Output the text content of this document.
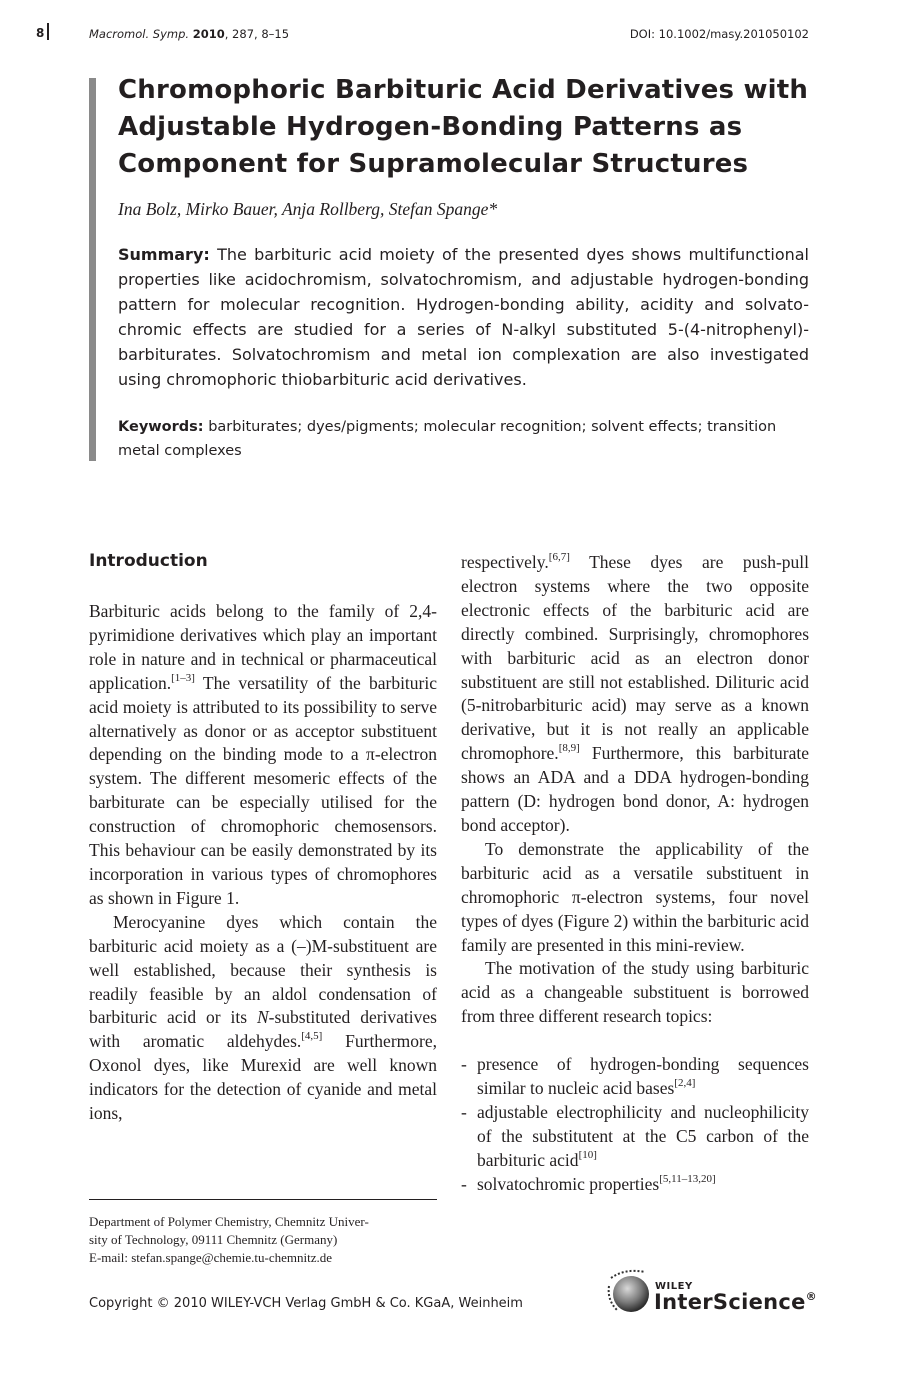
8	Macromol. Symp. 2010, 287, 8–15	DOI: 10.1002/masy.201050102
Chromophoric Barbituric Acid Derivatives with Adjustable Hydrogen-Bonding Patterns as Component for Supramolecular Structures
Ina Bolz, Mirko Bauer, Anja Rollberg, Stefan Spange*

Summary: The barbituric acid moiety of the presented dyes shows multifunctional properties like acidochromism, solvatochromism, and adjustable hydrogen-bonding pattern for molecular recognition. Hydrogen-bonding ability, acidity and solvato-chromic effects are studied for a series of N-alkyl substituted 5-(4-nitrophenyl)-barbiturates. Solvatochromism and metal ion complexation are also investigated using chromophoric thiobarbituric acid derivatives.

Keywords: barbiturates; dyes/pigments; molecular recognition; solvent effects; transition metal complexes

Introduction

Barbituric acids belong to the family of 2,4-pyrimidione derivatives which play an important role in nature and in technical or pharmaceutical application.[1–3] The versatility of the barbituric acid moiety is attributed to its possibility to serve alternatively as donor or as acceptor substituent depending on the binding mode to a π-electron system. The different mesomeric effects of the barbiturate can be especially utilised for the construction of chromophoric chemosensors. This behaviour can be easily demonstrated by its incorporation in various types of chromophores as shown in Figure 1.

Merocyanine dyes which contain the barbituric acid moiety as a (–)M-substituent are well established, because their synthesis is readily feasible by an aldol condensation of barbituric acid or its N-substituted derivatives with aromatic aldehydes.[4,5] Furthermore, Oxonol dyes, like Murexid are well known indicators for the detection of cyanide and metal ions,

respectively.[6,7] These dyes are push-pull electron systems where the two opposite electronic effects of the barbituric acid are directly combined. Surprisingly, chromophores with barbituric acid as an electron donor substituent are still not established. Dilituric acid (5-nitrobarbituric acid) may serve as a known derivative, but it is not really an applicable chromophore.[8,9] Furthermore, this barbiturate shows an ADA and a DDA hydrogen-bonding pattern (D: hydrogen bond donor, A: hydrogen bond acceptor).

To demonstrate the applicability of the barbituric acid as a versatile substituent in chromophoric π-electron systems, four novel types of dyes (Figure 2) within the barbituric acid family are presented in this mini-review.

The motivation of the study using barbituric acid as a changeable substituent is borrowed from three different research topics:

- presence of hydrogen-bonding sequences similar to nucleic acid bases[2,4]
- adjustable electrophilicity and nucleophilicity of the substitutent at the C5 carbon of the barbituric acid[10]
- solvatochromic properties[5,11–13,20]
Department of Polymer Chemistry, Chemnitz Univer-
sity of Technology, 09111 Chemnitz (Germany)
E-mail: stefan.spange@chemie.tu-chemnitz.de
Copyright © 2010 WILEY-VCH Verlag GmbH & Co. KGaA, Weinheim
WILEY
InterScience®
